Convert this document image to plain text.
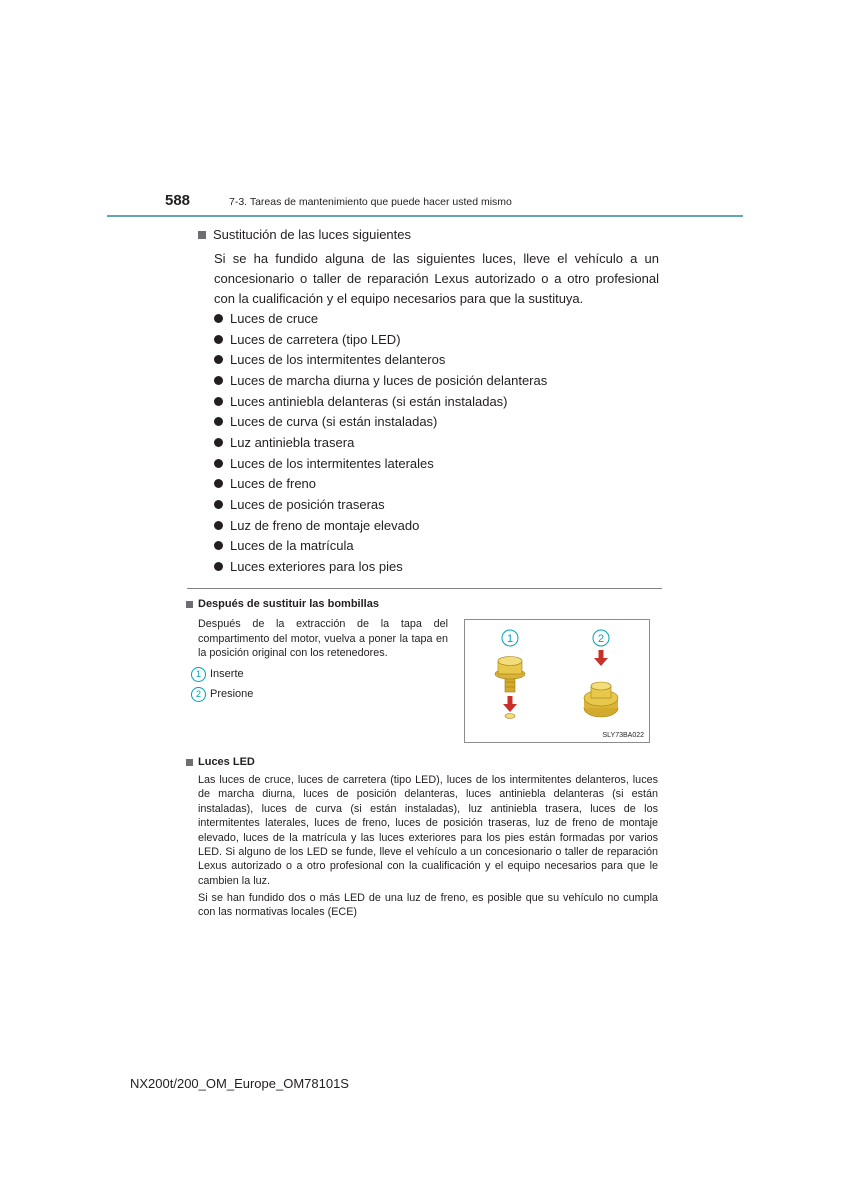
588	7-3. Tareas de mantenimiento que puede hacer usted mismo
Sustitución de las luces siguientes

Si se ha fundido alguna de las siguientes luces, lleve el vehículo a un concesionario o taller de reparación Lexus autorizado o a otro profesional con la cualificación y el equipo necesarios para que la sustituya.

Luces de cruce
Luces de carretera (tipo LED)
Luces de los intermitentes delanteros
Luces de marcha diurna y luces de posición delanteras
Luces antiniebla delanteras (si están instaladas)
Luces de curva (si están instaladas)
Luz antiniebla trasera
Luces de los intermitentes laterales
Luces de freno
Luces de posición traseras
Luz de freno de montaje elevado
Luces de la matrícula
Luces exteriores para los pies
Después de sustituir las bombillas

Después de la extracción de la tapa del compartimento del motor, vuelva a poner la tapa en la posición original con los retenedores.

1 Inserte
2 Presione
1	2
SLY73BA022
Luces LED

Las luces de cruce, luces de carretera (tipo LED), luces de los intermitentes delanteros, luces de marcha diurna, luces de posición delanteras, luces antiniebla delanteras (si están instaladas), luces de curva (si están instaladas), luz antiniebla trasera, luces de los intermitentes laterales, luces de freno, luces de posición traseras, luz de freno de montaje elevado, luces de la matrícula y las luces exteriores para los pies están formadas por varios LED. Si alguno de los LED se funde, lleve el vehículo a un concesionario o taller de reparación Lexus autorizado o a otro profesional con la cualificación y el equipo necesarios para que le cambien la luz.

Si se han fundido dos o más LED de una luz de freno, es posible que su vehículo no cumpla con las normativas locales (ECE)

NX200t/200_OM_Europe_OM78101S
